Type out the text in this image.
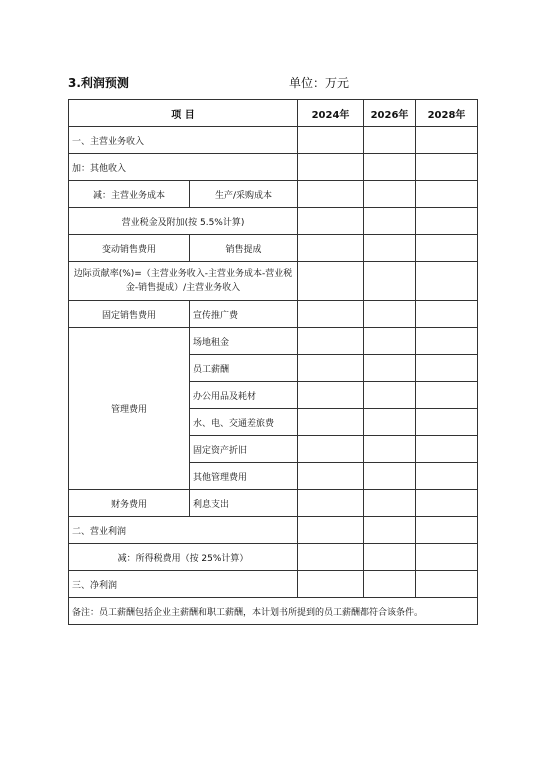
3.利润预测	单位：万元
项 目		2024年	2026年	2028年
一、主营业务收入				
加：其他收入				
减：主营业务成本	生产/采购成本			
营业税金及附加(按 5.5%计算)				
变动销售费用	销售提成			
边际贡献率(%)=（主营业务收入-主营业务成本-营业税金-销售提成）/主营业务收入				
固定销售费用	宣传推广费			
管理费用	场地租金			
	员工薪酬			
	办公用品及耗材			
	水、电、交通差旅费			
	固定资产折旧			
	其他管理费用			
财务费用	利息支出			
二、营业利润				
减：所得税费用（按 25%计算）				
三、净利润				
备注：员工薪酬包括企业主薪酬和职工薪酬，本计划书所提到的员工薪酬都符合该条件。				
